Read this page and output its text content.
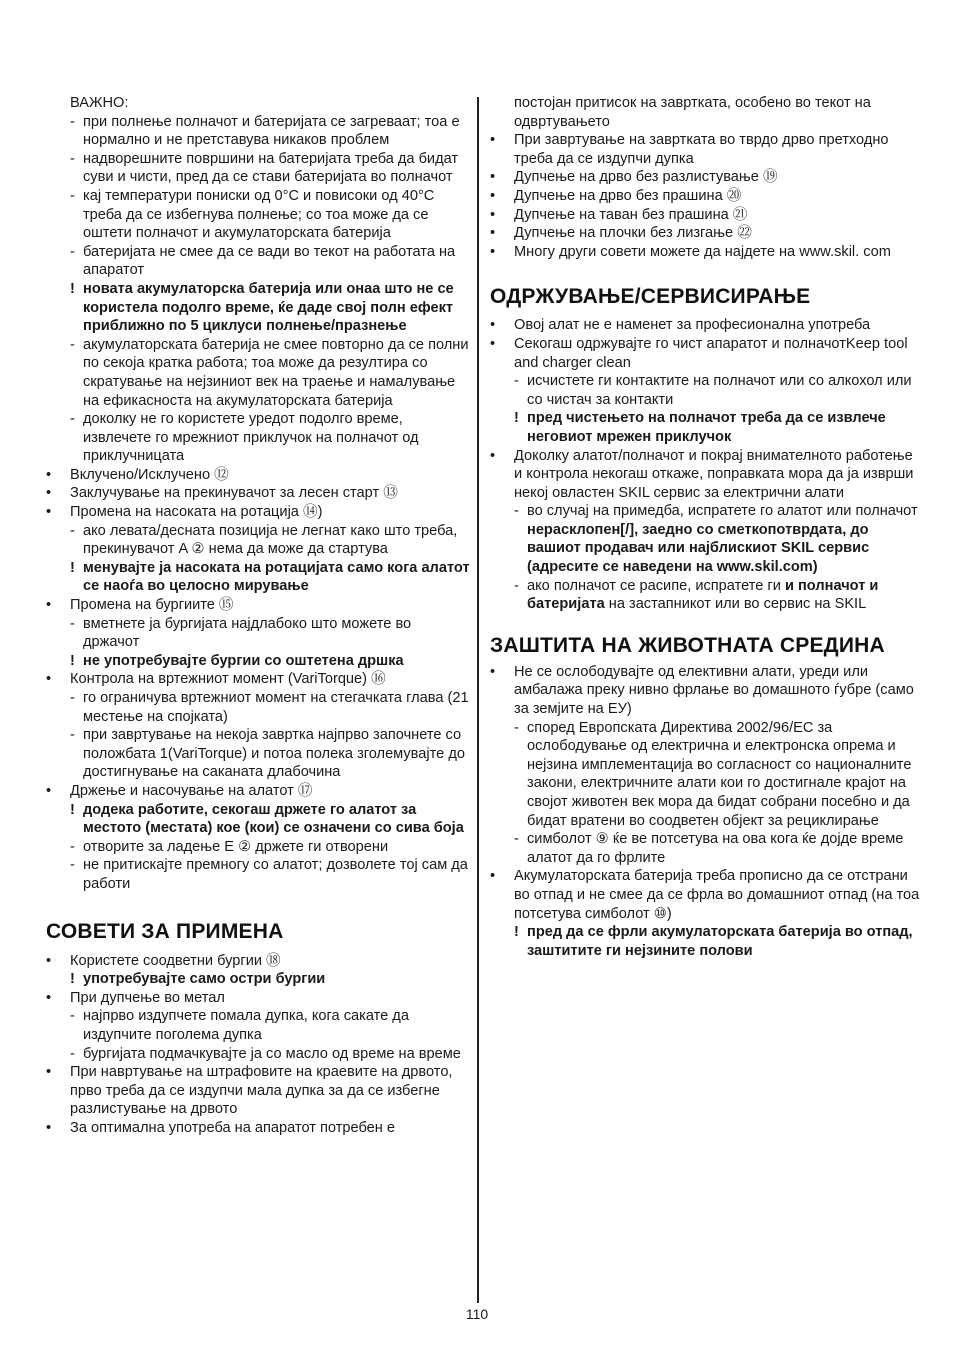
ВАЖНО:
- при полнење полначот и батеријата се загреваат; тоа е нормално и не претставува никаков проблем
- надворешните површини на батеријата треба да бидат суви и чисти, пред да се стави батеријата во полначот
- кај температури пониски од 0°C и повисоки од 40°C треба да се избегнува полнење; со тоа може да се оштети полначот и акумулаторската батерија
- батеријата не смее да се вади во текот на работата на апаратот
! новата акумулаторска батерија или онаа што не се користела подолго време, ќе даде свој полн ефект приближно по 5 циклуси полнење/празнење
- акумулаторската батерија не смее повторно да се полни по секоја кратка работа; тоа може да резултира со скратување на нејзиниот век на траење и намалување на ефикасноста на акумулаторската батерија
- доколку не го користете уредот подолго време, извлечете го мрежниот приклучок на полначот од приклучницата
• Вклучено/Исклучено ⑫
• Заклучување на прекинувачот за лесен старт ⑬
• Промена на насоката на ротација ⑭)
- ако левата/десната позиција не легнат како што треба, прекинувачот A ② нема да може да стартува
! менувајте ја насоката на ротацијата само кога алатот се наоѓа во целосно мирување
• Промена на бургиите ⑮
- вметнете ја бургијата најдлабоко што можете во држачот
! не употребувајте бургии со оштетена дршка
• Контрола на вртежниот момент (VariTorque) ⑯
- го ограничува вртежниот момент на стегачката глава (21 местење на спојката)
- при завртување на некоја завртка најпрво започнете со положбата 1(VariTorque) и потоа полека зголемувајте до достигнување на саканата длабочина
• Држење и насочување на алатот ⑰
! додека работите, секогаш држете го алатот за местото (местата) кое (кои) се означени со сива боја
- отворите за ладење E ② држете ги отворени
- не притискајте премногу со алатот; дозволете тој сам да работи
СОВЕТИ ЗА ПРИМЕНА
• Користете соодветни бургии ⑱
! употребувајте само остри бургии
• При дупчење во метал
- најпрво издупчете помала дупка, кога сакате да издупчите поголема дупка
- бургијата подмачкувајте ја со масло од време на време
• При навртување на штрафовите на краевите на дрвото, прво треба да се издупчи мала дупка за да се избегне разлистување на дрвото
• За оптимална употреба на апаратот потребен е
постојан притисок на завртката, особено во текот на одвртувањето
• При завртување на завртката во тврдо дрво претходно треба да се издупчи дупка
• Дупчење на дрво без разлистување ⑲
• Дупчење на дрво без прашина ⑳
• Дупчење на таван без прашина ㉑
• Дупчење на плочки без лизгање ㉒
• Многу други совети можете да најдете на www.skil. com
ОДРЖУВАЊЕ/СЕРВИСИРАЊЕ
• Овој алат не е наменет за професионална употреба
• Секогаш одржувајте го чист апаратот и полначотKeep tool and charger clean
- исчистете ги контактите на полначот или со алкохол или со чистач за контакти
! пред чистењето на полначот треба да се извлече неговиот мрежен приклучок
• Доколку алатот/полначот и покрај внимателното работење и контрола некогаш откаже, поправката мора да ја изврши некој овластен SKIL сервис за електрични алати
- во случај на примедба, испратете го алатот или полначот нерасклопен[/], заедно со сметкопотврдата, до вашиот продавач или најблискиот SKIL сервис (адресите се наведени на www.skil.com)
- ако полначот се расипе, испратете ги и полначот и батеријата на застапникот или во сервис на SKIL
ЗАШТИТА НА ЖИВОТНАТА СРЕДИНА
• Не се ослободувајте од елективни алати, уреди или амбалажа преку нивно фрлање во домашното ѓубре (само за земјите на ЕУ)
- според Европската Директива 2002/96/EC за ослободување од електрична и електронска опрема и нејзина имплементација во согласност со националните закони, електричните алати кои го достигнале крајот на својот животен век мора да бидат собрани посебно и да бидат вратени во соодветен објект за рециклирање
- симболот ⑨ ќе ве потсетува на ова кога ќе дојде време алатот да го фрлите
• Акумулаторската батерија треба прописно да се отстрани во отпад и не смее да се фрла во домашниот отпад (на тоа потсетува симболот ⑩)
! пред да се фрли акумулаторската батерија во отпад, заштитите ги нејзините полови
110
